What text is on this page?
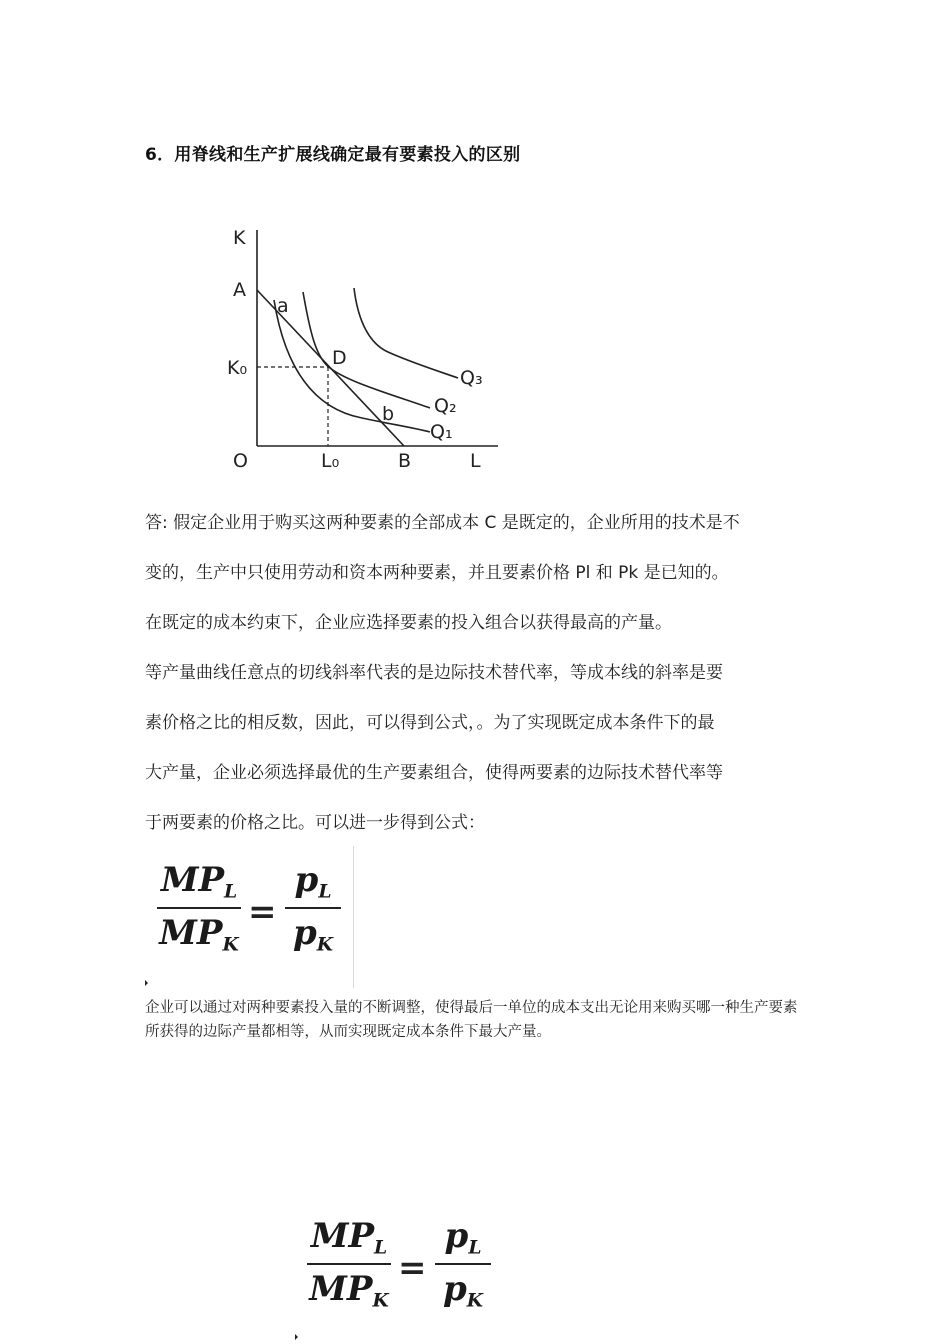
6．用脊线和生产扩展线确定最有要素投入的区别
K
A
a
K₀	D
Q₃
Q₂
b
Q₁
O	L₀	B	L
答: 假定企业用于购买这两种要素的全部成本 C 是既定的，企业所用的技术是不
变的，生产中只使用劳动和资本两种要素，并且要素价格 Pl 和 Pk 是已知的。
在既定的成本约束下，企业应选择要素的投入组合以获得最高的产量。
等产量曲线任意点的切线斜率代表的是边际技术替代率，等成本线的斜率是要
素价格之比的相反数，因此，可以得到公式，。为了实现既定成本条件下的最
大产量，企业必须选择最优的生产要素组合，使得两要素的边际技术替代率等
于两要素的价格之比。可以进一步得到公式：
$MP_L$
$MP_K$
=
$p_L$
$p_K$
企业可以通过对两种要素投入量的不断调整，使得最后一单位的成本支出无论用来购买哪一种生产要素所获得的边际产量都相等，从而实现既定成本条件下最大产量。
$MP_L$
$MP_K$
=
$p_L$
$p_K$
